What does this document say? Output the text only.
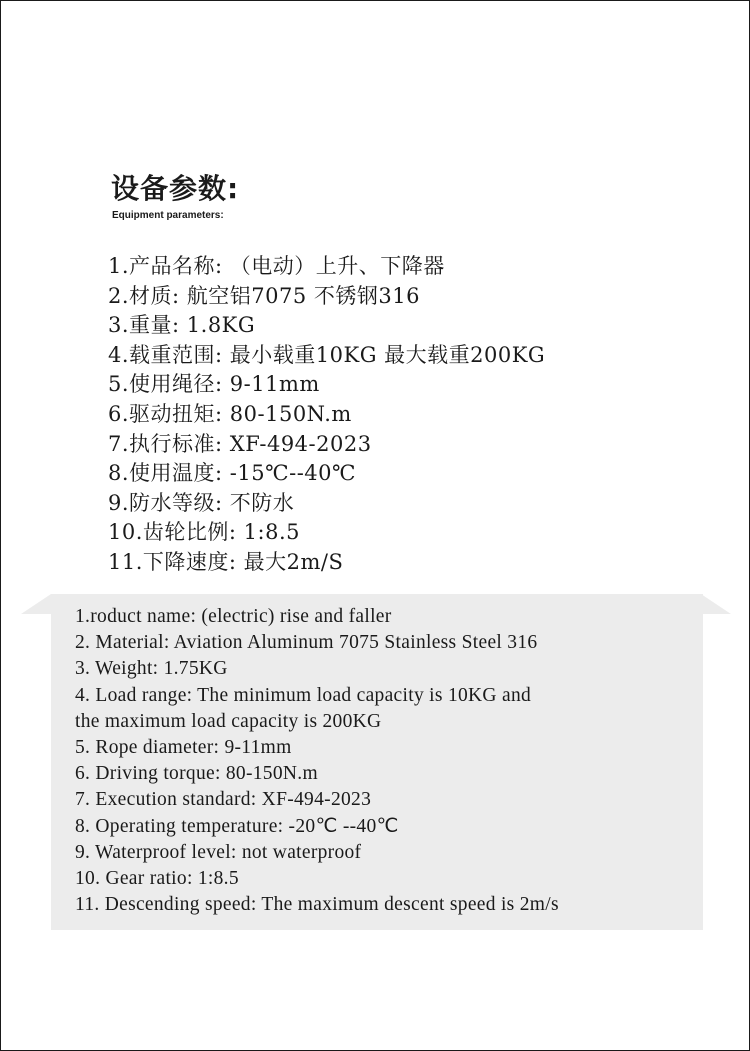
设备参数:
Equipment parameters:
1.产品名称: （电动）上升、下降器
2.材质: 航空铝7075 不锈钢316
3.重量: 1.8KG
4.载重范围: 最小载重10KG 最大载重200KG
5.使用绳径: 9-11mm
6.驱动扭矩: 80-150N.m
7.执行标准: XF-494-2023
8.使用温度: -15℃--40℃
9.防水等级: 不防水
10.齿轮比例: 1:8.5
11.下降速度: 最大2m/S
1.roduct name: (electric) rise and faller
2. Material: Aviation Aluminum 7075 Stainless Steel 316
3. Weight: 1.75KG
4. Load range: The minimum load capacity is 10KG and
the maximum load capacity is 200KG
5. Rope diameter: 9-11mm
6. Driving torque: 80-150N.m
7. Execution standard: XF-494-2023
8. Operating temperature: -20℃ --40℃
9. Waterproof level: not waterproof
10. Gear ratio: 1:8.5
11. Descending speed: The maximum descent speed is 2m/s
